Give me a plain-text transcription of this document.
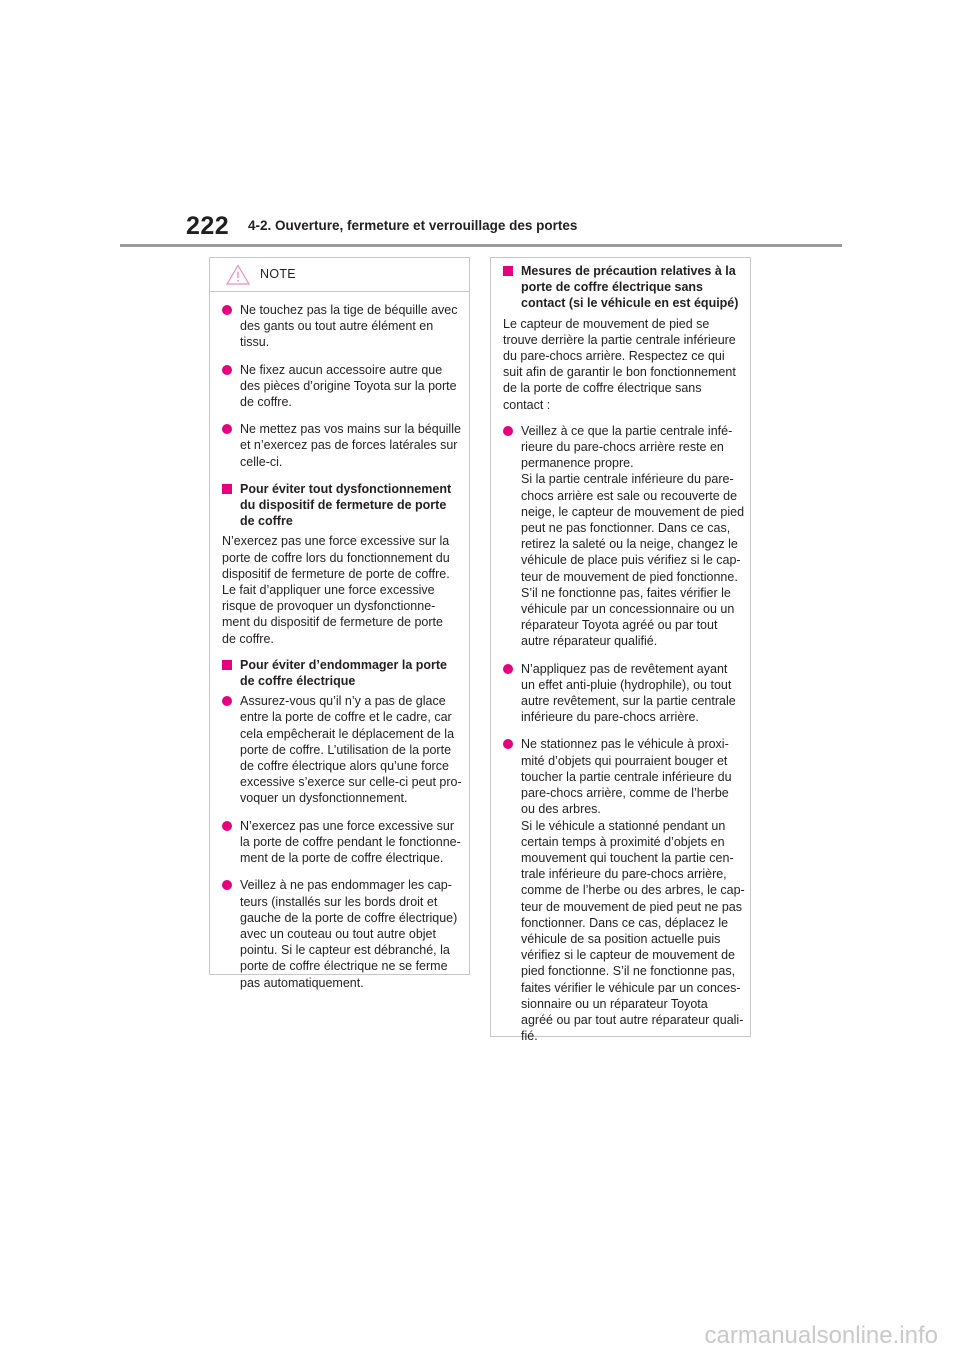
222 4-2. Ouverture, fermeture et verrouillage des portes
NOTE
Ne touchez pas la tige de béquille avec
des gants ou tout autre élément en
tissu.
Ne fixez aucun accessoire autre que
des pièces d’origine Toyota sur la porte
de coffre.
Ne mettez pas vos mains sur la béquille
et n’exercez pas de forces latérales sur
celle-ci.
Pour éviter tout dysfonctionnement
du dispositif de fermeture de porte
de coffre
N’exercez pas une force excessive sur la
porte de coffre lors du fonctionnement du
dispositif de fermeture de porte de coffre.
Le fait d’appliquer une force excessive
risque de provoquer un dysfonctionne-
ment du dispositif de fermeture de porte
de coffre.
Pour éviter d’endommager la porte
de coffre électrique
Assurez-vous qu’il n’y a pas de glace
entre la porte de coffre et le cadre, car
cela empêcherait le déplacement de la
porte de coffre. L’utilisation de la porte
de coffre électrique alors qu’une force
excessive s’exerce sur celle-ci peut pro-
voquer un dysfonctionnement.
N’exercez pas une force excessive sur
la porte de coffre pendant le fonctionne-
ment de la porte de coffre électrique.
Veillez à ne pas endommager les cap-
teurs (installés sur les bords droit et
gauche de la porte de coffre électrique)
avec un couteau ou tout autre objet
pointu. Si le capteur est débranché, la
porte de coffre électrique ne se ferme
pas automatiquement.
Mesures de précaution relatives à la
porte de coffre électrique sans
contact (si le véhicule en est équipé)
Le capteur de mouvement de pied se
trouve derrière la partie centrale inférieure
du pare-chocs arrière. Respectez ce qui
suit afin de garantir le bon fonctionnement
de la porte de coffre électrique sans
contact :
Veillez à ce que la partie centrale infé-
rieure du pare-chocs arrière reste en
permanence propre.
Si la partie centrale inférieure du pare-
chocs arrière est sale ou recouverte de
neige, le capteur de mouvement de pied
peut ne pas fonctionner. Dans ce cas,
retirez la saleté ou la neige, changez le
véhicule de place puis vérifiez si le cap-
teur de mouvement de pied fonctionne.
S’il ne fonctionne pas, faites vérifier le
véhicule par un concessionnaire ou un
réparateur Toyota agréé ou par tout
autre réparateur qualifié.
N’appliquez pas de revêtement ayant
un effet anti-pluie (hydrophile), ou tout
autre revêtement, sur la partie centrale
inférieure du pare-chocs arrière.
Ne stationnez pas le véhicule à proxi-
mité d’objets qui pourraient bouger et
toucher la partie centrale inférieure du
pare-chocs arrière, comme de l’herbe
ou des arbres.
Si le véhicule a stationné pendant un
certain temps à proximité d’objets en
mouvement qui touchent la partie cen-
trale inférieure du pare-chocs arrière,
comme de l’herbe ou des arbres, le cap-
teur de mouvement de pied peut ne pas
fonctionner. Dans ce cas, déplacez le
véhicule de sa position actuelle puis
vérifiez si le capteur de mouvement de
pied fonctionne. S’il ne fonctionne pas,
faites vérifier le véhicule par un conces-
sionnaire ou un réparateur Toyota
agréé ou par tout autre réparateur quali-
fié.
carmanualsonline.info
